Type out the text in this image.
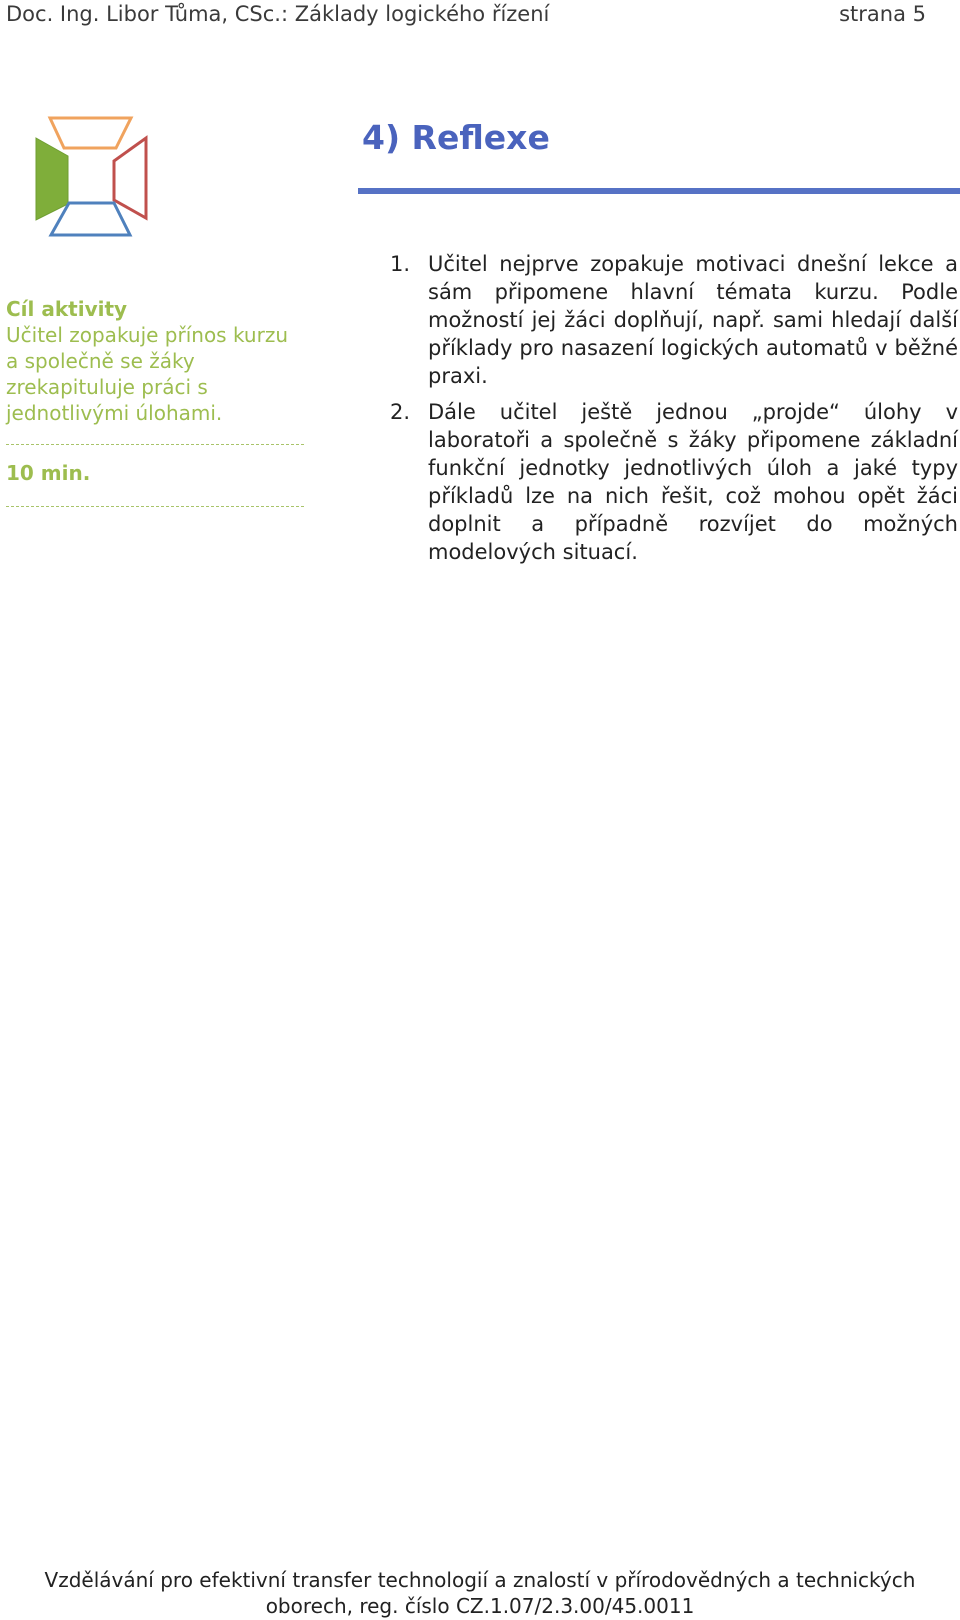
Doc. Ing. Libor Tůma, CSc.: Základy logického řízení	strana 5
4) Reflexe
Cíl aktivity
Učitel zopakuje přínos kurzu a společně se žáky zrekapituluje práci s jednotlivými úlohami.
10 min.
1. Učitel nejprve zopakuje motivaci dnešní lekce a sám připomene hlavní témata kurzu. Podle možností jej žáci doplňují, např. sami hledají další příklady pro nasazení logických automatů v běžné praxi.
2. Dále učitel ještě jednou „projde“ úlohy v laboratoři a společně s žáky připomene základní funkční jednotky jednotlivých úloh a jaké typy příkladů lze na nich řešit, což mohou opět žáci doplnit a případně rozvíjet do možných modelových situací.
Vzdělávání pro efektivní transfer technologií a znalostí v přírodovědných a technických
oborech, reg. číslo CZ.1.07/2.3.00/45.0011
